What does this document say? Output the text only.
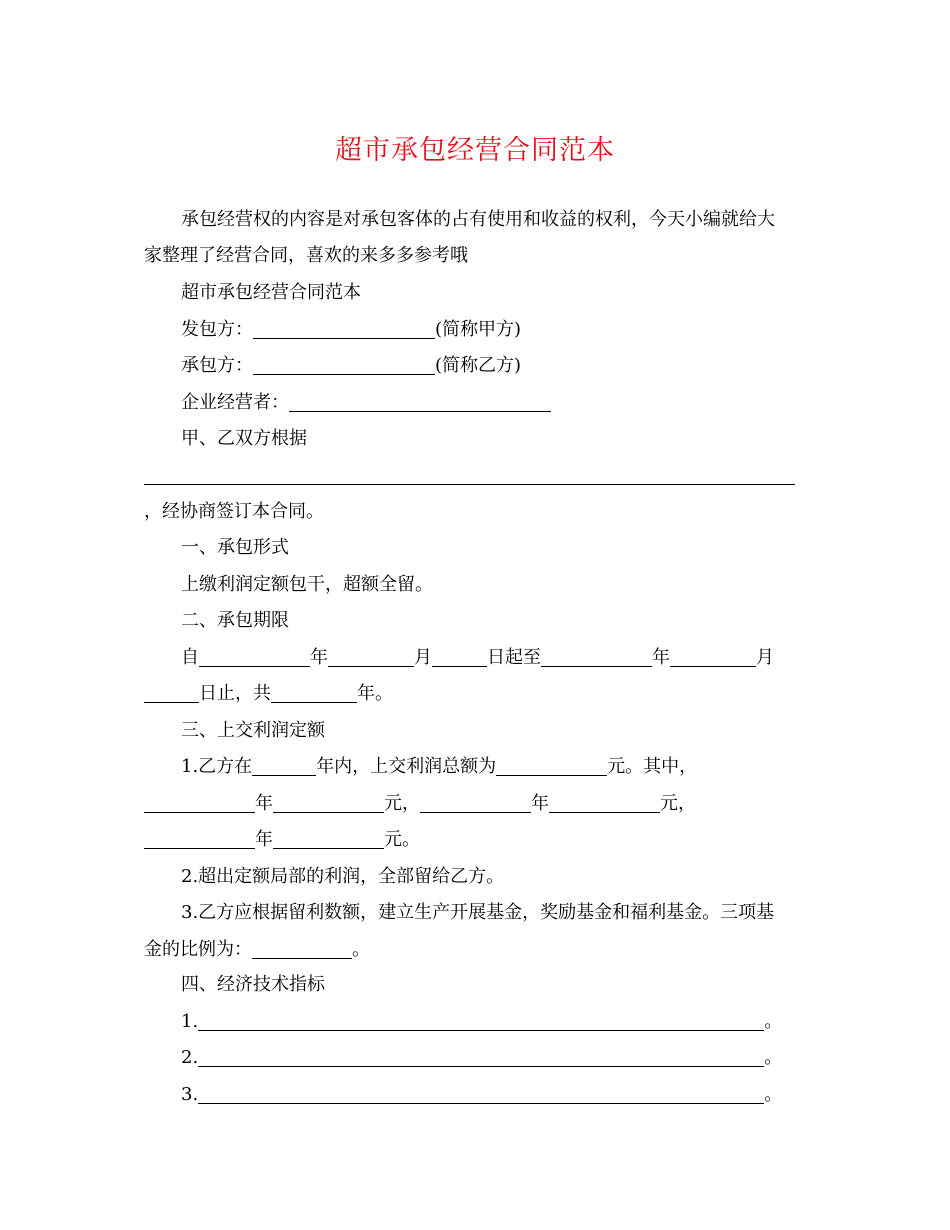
超市承包经营合同范本
承包经营权的内容是对承包客体的占有使用和收益的权利，今天小编就给大
家整理了经营合同，喜欢的来多多参考哦
超市承包经营合同范本
发包方：	(简称甲方)
承包方：	(简称乙方)
企业经营者：
甲、乙双方根据
，经协商签订本合同。
一、承包形式
上缴利润定额包干，超额全留。
二、承包期限
自	年	月	日起至	年	月
日止，共	年。
三、上交利润定额
1.乙方在	年内，上交利润总额为	元。其中，
年	元，	年	元，
年	元。
2.超出定额局部的利润，全部留给乙方。
3.乙方应根据留利数额，建立生产开展基金，奖励基金和福利基金。三项基
金的比例为：	。
四、经济技术指标
1.	。
2.	。
3.	。
